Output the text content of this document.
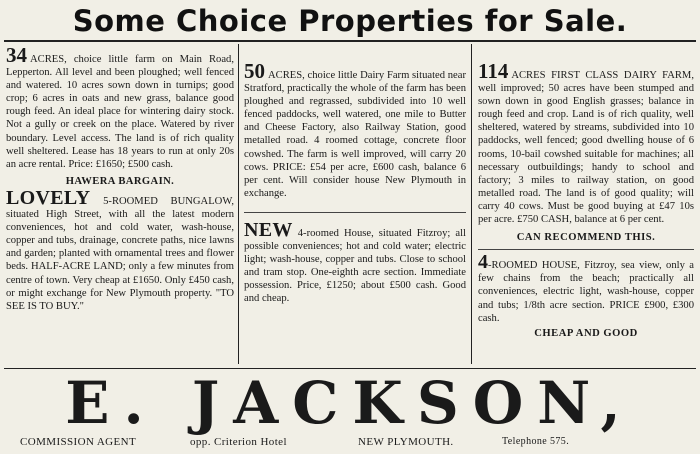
Some Choice Properties for Sale.

34 ACRES, choice little farm on Main Road, Lepperton. All level and been ploughed; well fenced and watered. 10 acres sown down in turnips; good crop; 6 acres in oats and new grass, balance good rough feed. An ideal place for wintering dairy stock. Not a gully or creek on the place. Watered by river boundary. Level access. The land is of rich quality well sheltered. Lease has 18 years to run at only 20s an acre rental. Price: £1650; £500 cash.

HAWERA BARGAIN.

LOVELY 5-ROOMED BUNGALOW, situated High Street, with all the latest modern conveniences, hot and cold water, wash-house, copper and tubs, drainage, concrete paths, nice lawns and garden; planted with ornamental trees and flower beds. HALF-ACRE LAND; only a few minutes from centre of town. Very cheap at £1650. Only £450 cash, or might exchange for New Plymouth property. "TO SEE IS TO BUY."

50 ACRES, choice little Dairy Farm situated near Stratford, practically the whole of the farm has been ploughed and regrassed, subdivided into 10 well fenced paddocks, well watered, one mile to Butter and Cheese Factory, also Railway Station, good metalled road. 4 roomed cottage, concrete floor cowshed. The farm is well improved, will carry 20 cows. PRICE: £54 per acre, £600 cash, balance 6 per cent. Will consider house New Plymouth in exchange.

NEW 4-roomed House, situated Fitzroy; all possible conveniences; hot and cold water; electric light; wash-house, copper and tubs. Close to school and tram stop. One-eighth acre section. Immediate possession. Price, £1250; about £500 cash. Good and cheap.

114 ACRES FIRST CLASS DAIRY FARM, well improved; 50 acres have been stumped and sown down in good English grasses; balance in rough feed and crop. Land is of rich quality, well sheltered, watered by streams, subdivided into 10 paddocks, well fenced; good dwelling house of 6 rooms, 10-bail cowshed suitable for machines; all necessary outbuildings; handy to school and factory; 3 miles to railway station, on good metalled road. The land is of good quality; will carry 40 cows. Must be good buying at £47 10s per acre. £750 CASH, balance at 6 per cent.

CAN RECOMMEND THIS.

4-ROOMED HOUSE, Fitzroy, sea view, only a few chains from the beach; practically all conveniences, electric light, wash-house, copper and tubs; 1/8th acre section. PRICE £900, £300 cash.

CHEAP AND GOOD
E. JACKSON,
COMMISSION AGENT	opp. Criterion Hotel	NEW PLYMOUTH.	Telephone 575.
